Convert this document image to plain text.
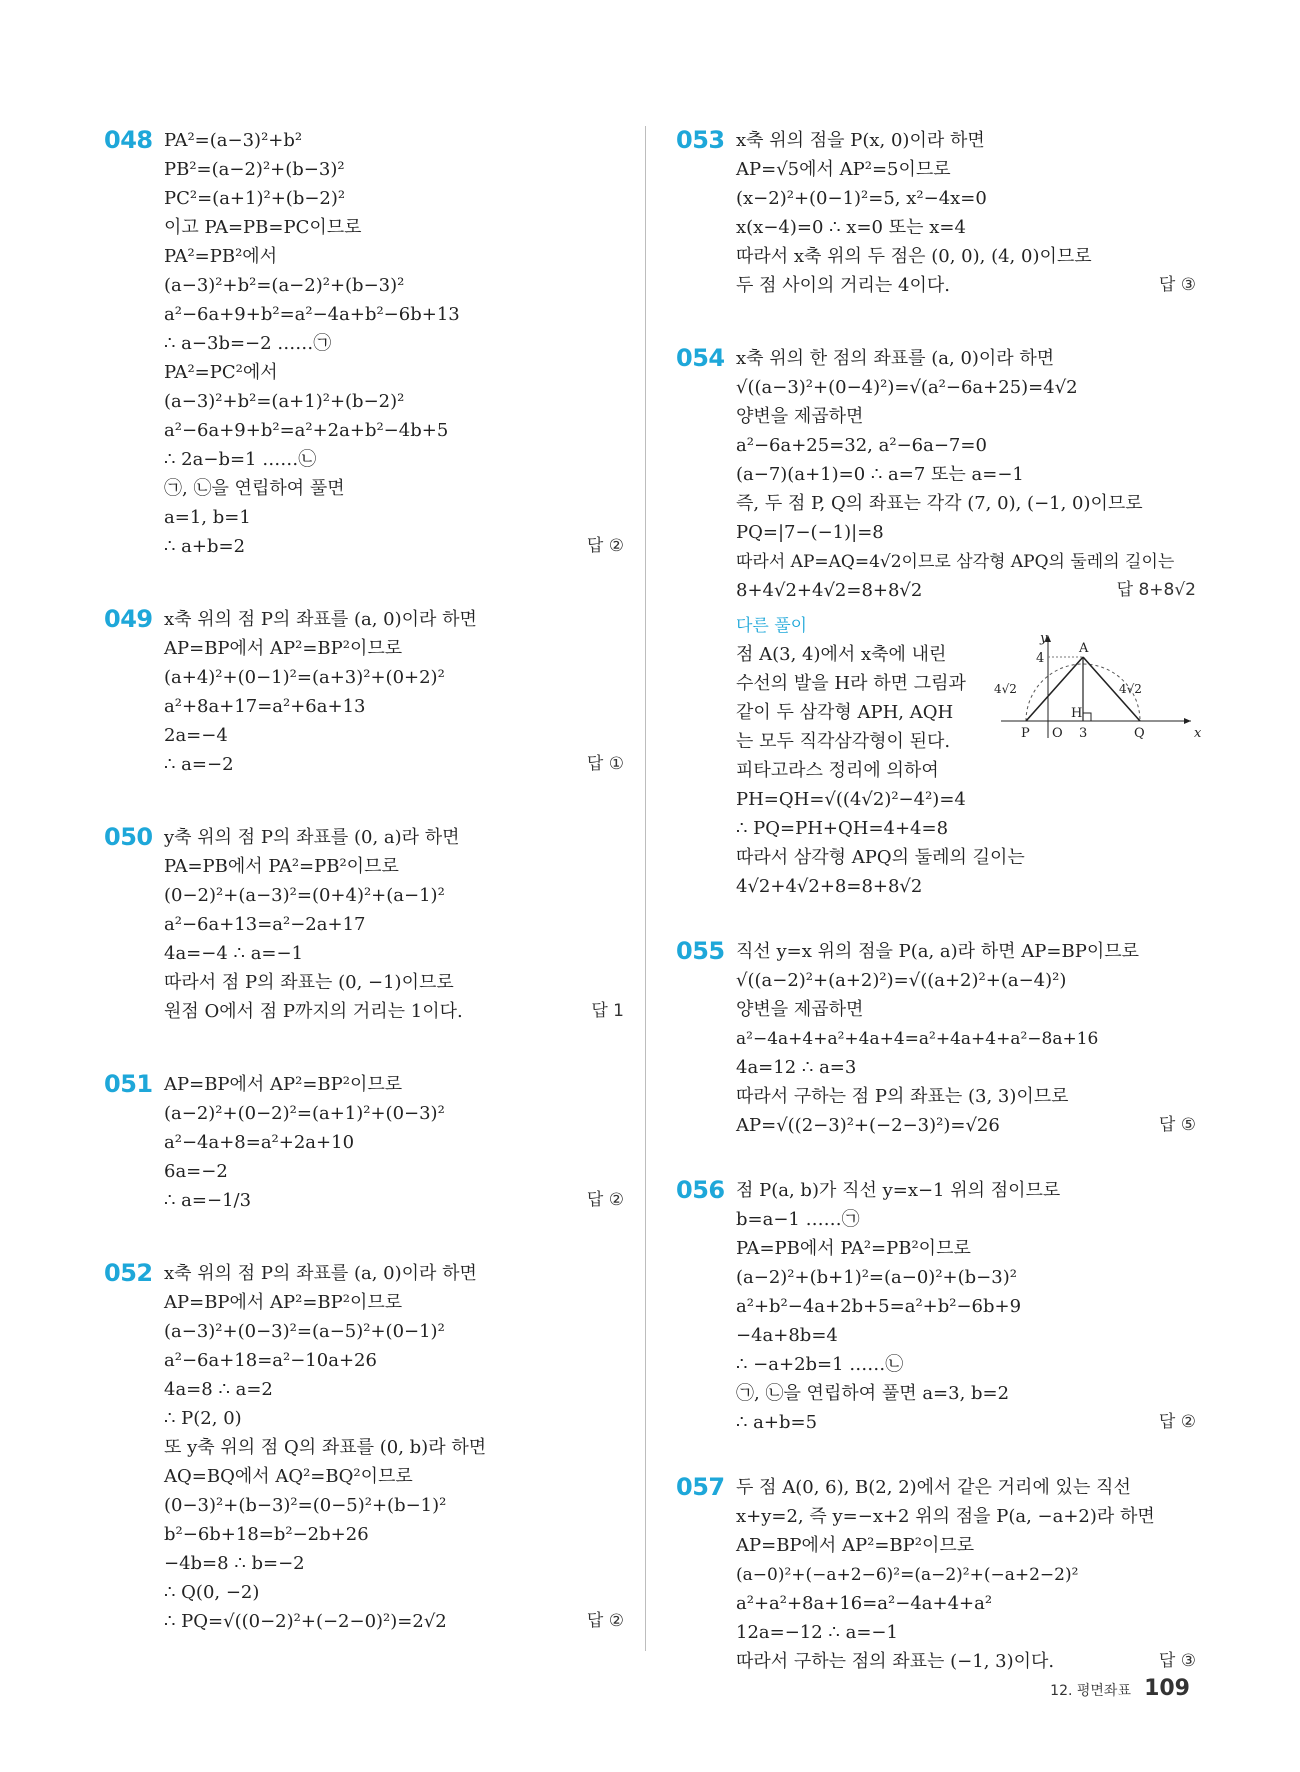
048 PA²=(a−3)²+b²
PB²=(a−2)²+(b−3)²
PC²=(a+1)²+(b−2)²
이고 PA=PB=PC이므로
PA²=PB²에서
(a−3)²+b²=(a−2)²+(b−3)²
a²−6a+9+b²=a²−4a+b²−6b+13
∴ a−3b=−2 ……㉠
PA²=PC²에서
(a−3)²+b²=(a+1)²+(b−2)²
a²−6a+9+b²=a²+2a+b²−4b+5
∴ 2a−b=1 ……㉡
㉠, ㉡을 연립하여 풀면
a=1, b=1
∴ a+b=2	답 ②
049 x축 위의 점 P의 좌표를 (a, 0)이라 하면
AP=BP에서 AP²=BP²이므로
(a+4)²+(0−1)²=(a+3)²+(0+2)²
a²+8a+17=a²+6a+13
2a=−4
∴ a=−2	답 ①
050 y축 위의 점 P의 좌표를 (0, a)라 하면
PA=PB에서 PA²=PB²이므로
(0−2)²+(a−3)²=(0+4)²+(a−1)²
a²−6a+13=a²−2a+17
4a=−4 ∴ a=−1
따라서 점 P의 좌표는 (0, −1)이므로
원점 O에서 점 P까지의 거리는 1이다.	답 1
051 AP=BP에서 AP²=BP²이므로
(a−2)²+(0−2)²=(a+1)²+(0−3)²
a²−4a+8=a²+2a+10
6a=−2
∴ a=−1/3	답 ②
052 x축 위의 점 P의 좌표를 (a, 0)이라 하면
AP=BP에서 AP²=BP²이므로
(a−3)²+(0−3)²=(a−5)²+(0−1)²
a²−6a+18=a²−10a+26
4a=8 ∴ a=2
∴ P(2, 0)
또 y축 위의 점 Q의 좌표를 (0, b)라 하면
AQ=BQ에서 AQ²=BQ²이므로
(0−3)²+(b−3)²=(0−5)²+(b−1)²
b²−6b+18=b²−2b+26
−4b=8 ∴ b=−2
∴ Q(0, −2)
∴ PQ=√((0−2)²+(−2−0)²)=2√2	답 ②
053 x축 위의 점을 P(x, 0)이라 하면
AP=√5에서 AP²=5이므로
(x−2)²+(0−1)²=5, x²−4x=0
x(x−4)=0 ∴ x=0 또는 x=4
따라서 x축 위의 두 점은 (0, 0), (4, 0)이므로
두 점 사이의 거리는 4이다.	답 ③
054 x축 위의 한 점의 좌표를 (a, 0)이라 하면
√((a−3)²+(0−4)²)=√(a²−6a+25)=4√2
양변을 제곱하면
a²−6a+25=32, a²−6a−7=0
(a−7)(a+1)=0 ∴ a=7 또는 a=−1
즉, 두 점 P, Q의 좌표는 각각 (7, 0), (−1, 0)이므로
PQ=|7−(−1)|=8
따라서 AP=AQ=4√2이므로 삼각형 APQ의 둘레의 길이는
8+4√2+4√2=8+8√2	답 8+8√2
다른 풀이
점 A(3, 4)에서 x축에 내린
수선의 발을 H라 하면 그림과
같이 두 삼각형 APH, AQH
는 모두 직각삼각형이 된다.
피타고라스 정리에 의하여
y
x
4
A
P O 3	Q
H
4√2	4√2
PH=QH=√((4√2)²−4²)=4
∴ PQ=PH+QH=4+4=8
따라서 삼각형 APQ의 둘레의 길이는
4√2+4√2+8=8+8√2
055 직선 y=x 위의 점을 P(a, a)라 하면 AP=BP이므로
√((a−2)²+(a+2)²)=√((a+2)²+(a−4)²)
양변을 제곱하면
a²−4a+4+a²+4a+4=a²+4a+4+a²−8a+16
4a=12 ∴ a=3
따라서 구하는 점 P의 좌표는 (3, 3)이므로
AP=√((2−3)²+(−2−3)²)=√26	답 ⑤
056 점 P(a, b)가 직선 y=x−1 위의 점이므로
b=a−1 ……㉠
PA=PB에서 PA²=PB²이므로
(a−2)²+(b+1)²=(a−0)²+(b−3)²
a²+b²−4a+2b+5=a²+b²−6b+9
−4a+8b=4
∴ −a+2b=1 ……㉡
㉠, ㉡을 연립하여 풀면 a=3, b=2
∴ a+b=5	답 ②
057 두 점 A(0, 6), B(2, 2)에서 같은 거리에 있는 직선
x+y=2, 즉 y=−x+2 위의 점을 P(a, −a+2)라 하면
AP=BP에서 AP²=BP²이므로
(a−0)²+(−a+2−6)²=(a−2)²+(−a+2−2)²
a²+a²+8a+16=a²−4a+4+a²
12a=−12 ∴ a=−1
따라서 구하는 점의 좌표는 (−1, 3)이다.	답 ③
12. 평면좌표 109
